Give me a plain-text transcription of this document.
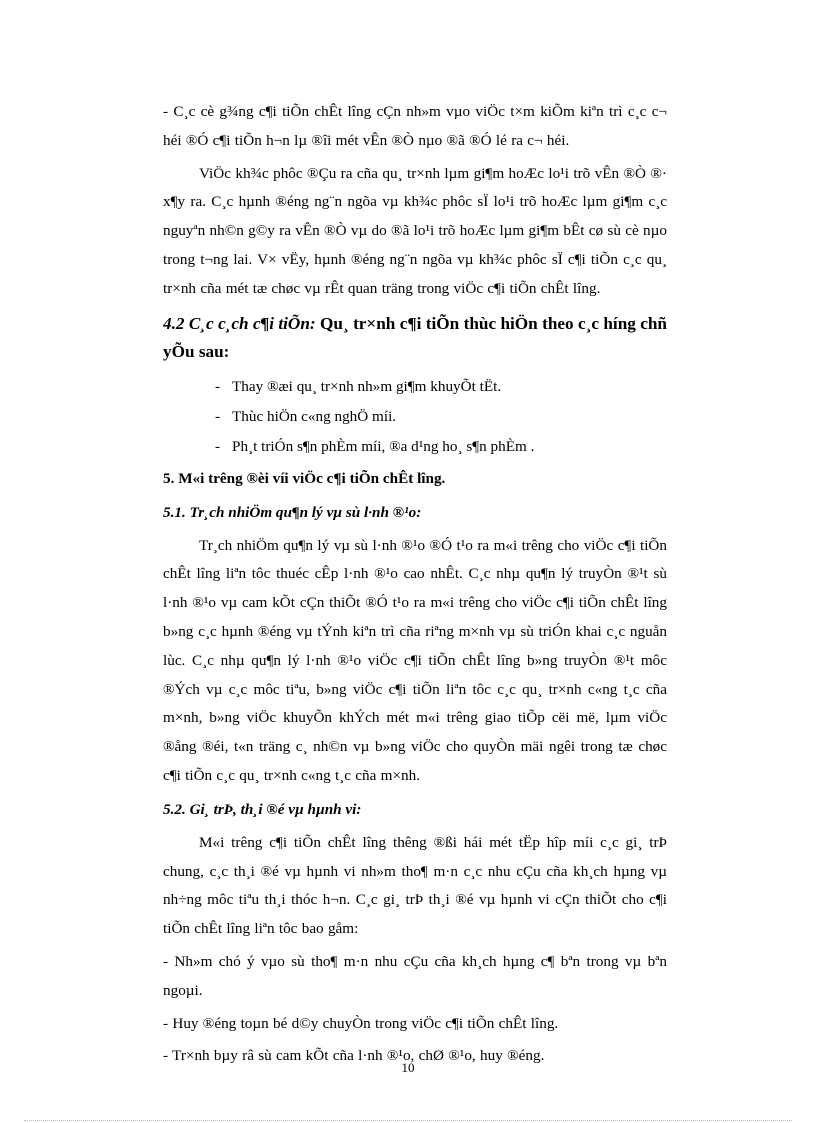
- C¸c cè g¾ng c¶i tiÕn chÊt lîng cÇn nh»m vµo viÖc t×m kiÕm kiªn trì c¸c c¬ héi ®Ó c¶i tiÕn h¬n lµ ®îi mét vÊn ®Ò nµo ®ã ®Ó lé ra c¬ héi.

ViÖc kh¾c phôc ®Çu ra cña qu¸ tr×nh lµm gi¶m hoÆc lo¹i trõ vÊn ®Ò ®· x¶y ra. C¸c hµnh ®éng ng¨n ngõa vµ kh¾c phôc sÏ lo¹i trõ hoÆc lµm gi¶m c¸c nguyªn nh©n g©y ra vÊn ®Ò vµ do ®ã lo¹i trõ hoÆc lµm gi¶m bÊt cø sù cè nµo trong t¬ng lai. V× vËy, hµnh ®éng ng¨n ngõa vµ kh¾c phôc sÏ c¶i tiÕn c¸c qu¸ tr×nh cña mét tæ chøc vµ rÊt quan träng trong viÖc c¶i tiÕn chÊt lîng.

4.2 C¸c c¸ch c¶i tiÕn: Qu¸ tr×nh c¶i tiÕn thùc hiÖn theo c¸c híng chñ yÕu sau:

- Thay ®æi qu¸ tr×nh nh»m gi¶m khuyÕt tËt.
- Thùc hiÖn c«ng nghÖ míi.
- Ph¸t triÓn s¶n phÈm míi, ®a d¹ng ho¸ s¶n phÈm .

5. M«i trêng ®èi víi viÖc c¶i tiÕn chÊt lîng.

5.1. Tr¸ch nhiÖm qu¶n lý vµ sù l·nh ®¹o:

Tr¸ch nhiÖm qu¶n lý vµ sù l·nh ®¹o ®Ó t¹o ra m«i trêng cho viÖc c¶i tiÕn chÊt lîng liªn tôc thuéc cÊp l·nh ®¹o cao nhÊt. C¸c nhµ qu¶n lý truyÒn ®¹t sù l·nh ®¹o vµ cam kÕt cÇn thiÕt ®Ó t¹o ra m«i trêng cho viÖc c¶i tiÕn chÊt lîng b»ng c¸c hµnh ®éng vµ tÝnh kiªn trì cña riªng m×nh vµ sù triÓn khai c¸c nguån lùc. C¸c nhµ qu¶n lý l·nh ®¹o viÖc c¶i tiÕn chÊt lîng b»ng truyÒn ®¹t môc ®Ých vµ c¸c môc tiªu, b»ng viÖc c¶i tiÕn liªn tôc c¸c qu¸ tr×nh c«ng t¸c cña m×nh, b»ng viÖc khuyÕn khÝch mét m«i trêng giao tiÕp cëi më, lµm viÖc ®ång ®éi, t«n träng c¸ nh©n vµ b»ng viÖc cho quyÒn mäi ngêi trong tæ chøc c¶i tiÕn c¸c qu¸ tr×nh c«ng t¸c cña m×nh.

5.2. Gi¸ trÞ, th¸i ®é vµ hµnh vi:

M«i trêng c¶i tiÕn chÊt lîng thêng ®ßi hái mét tËp hîp míi c¸c gi¸ trÞ chung, c¸c th¸i ®é vµ hµnh vi nh»m tho¶ m·n c¸c nhu cÇu cña kh¸ch hµng vµ nh÷ng môc tiªu th¸i thóc h¬n. C¸c gi¸ trÞ th¸i ®é vµ hµnh vi cÇn thiÕt cho c¶i tiÕn chÊt lîng liªn tôc bao gåm:

- Nh»m chó ý vµo sù tho¶ m·n nhu cÇu cña kh¸ch hµng c¶ bªn trong vµ bªn ngoµi.

- Huy ®éng toµn bé d©y chuyÒn trong viÖc c¶i tiÕn chÊt lîng.

- Tr×nh bµy râ sù cam kÕt cña l·nh ®¹o, chØ ®¹o, huy ®éng.

10
